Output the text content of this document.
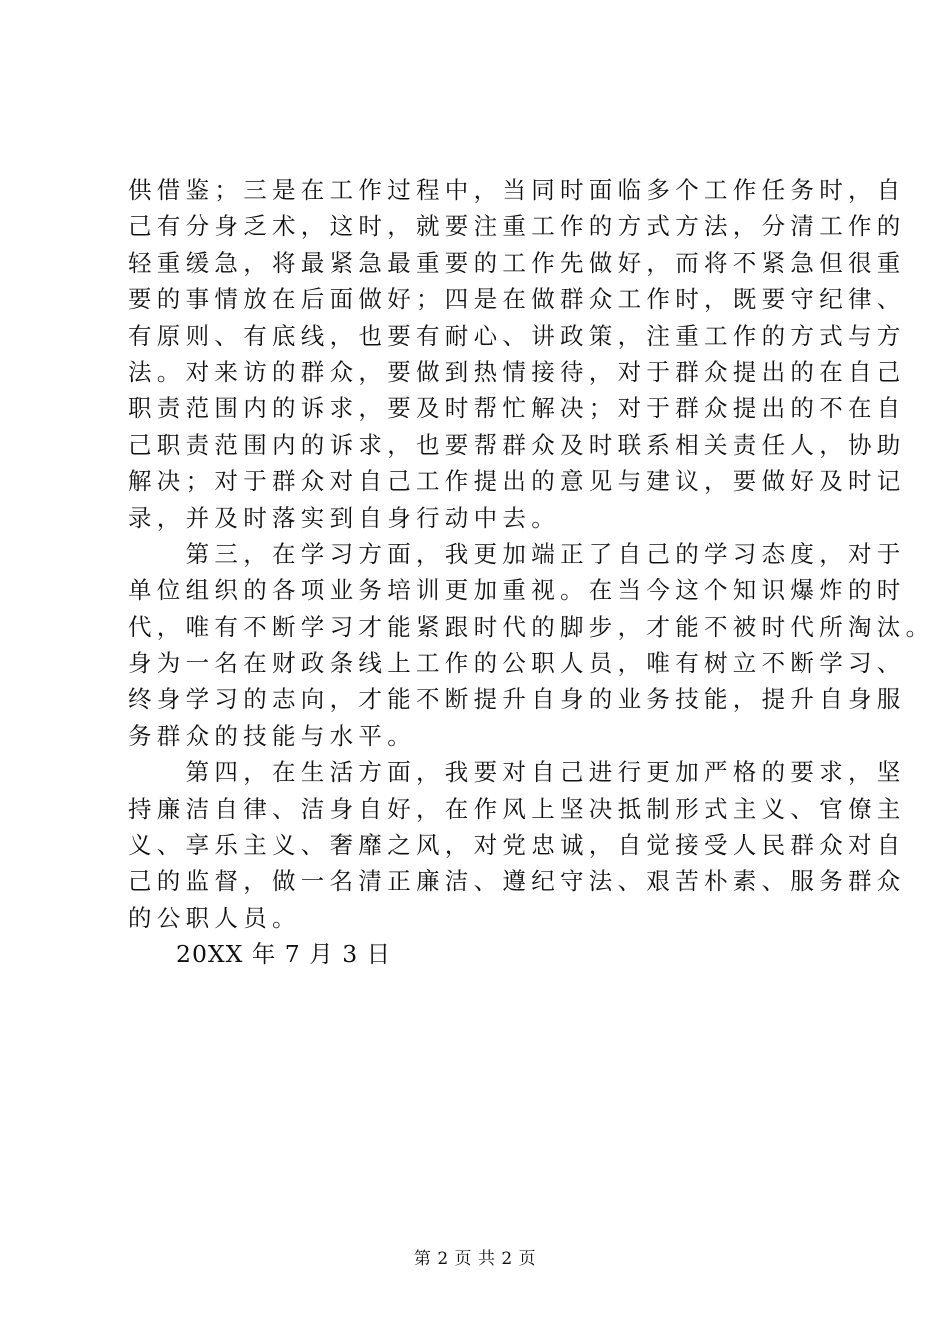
供借鉴；三是在工作过程中，当同时面临多个工作任务时，自
己有分身乏术，这时，就要注重工作的方式方法，分清工作的
轻重缓急，将最紧急最重要的工作先做好，而将不紧急但很重
要的事情放在后面做好；四是在做群众工作时，既要守纪律、
有原则、有底线，也要有耐心、讲政策，注重工作的方式与方
法。对来访的群众，要做到热情接待，对于群众提出的在自己
职责范围内的诉求，要及时帮忙解决；对于群众提出的不在自
己职责范围内的诉求，也要帮群众及时联系相关责任人，协助
解决；对于群众对自己工作提出的意见与建议，要做好及时记
录，并及时落实到自身行动中去。
　　第三，在学习方面，我更加端正了自己的学习态度，对于
单位组织的各项业务培训更加重视。在当今这个知识爆炸的时
代，唯有不断学习才能紧跟时代的脚步，才能不被时代所淘汰。
身为一名在财政条线上工作的公职人员，唯有树立不断学习、
终身学习的志向，才能不断提升自身的业务技能，提升自身服
务群众的技能与水平。
　　第四，在生活方面，我要对自己进行更加严格的要求，坚
持廉洁自律、洁身自好，在作风上坚决抵制形式主义、官僚主
义、享乐主义、奢靡之风，对党忠诚，自觉接受人民群众对自
己的监督，做一名清正廉洁、遵纪守法、艰苦朴素、服务群众
的公职人员。
20XX 年 7 月 3 日
第 2 页 共 2 页
